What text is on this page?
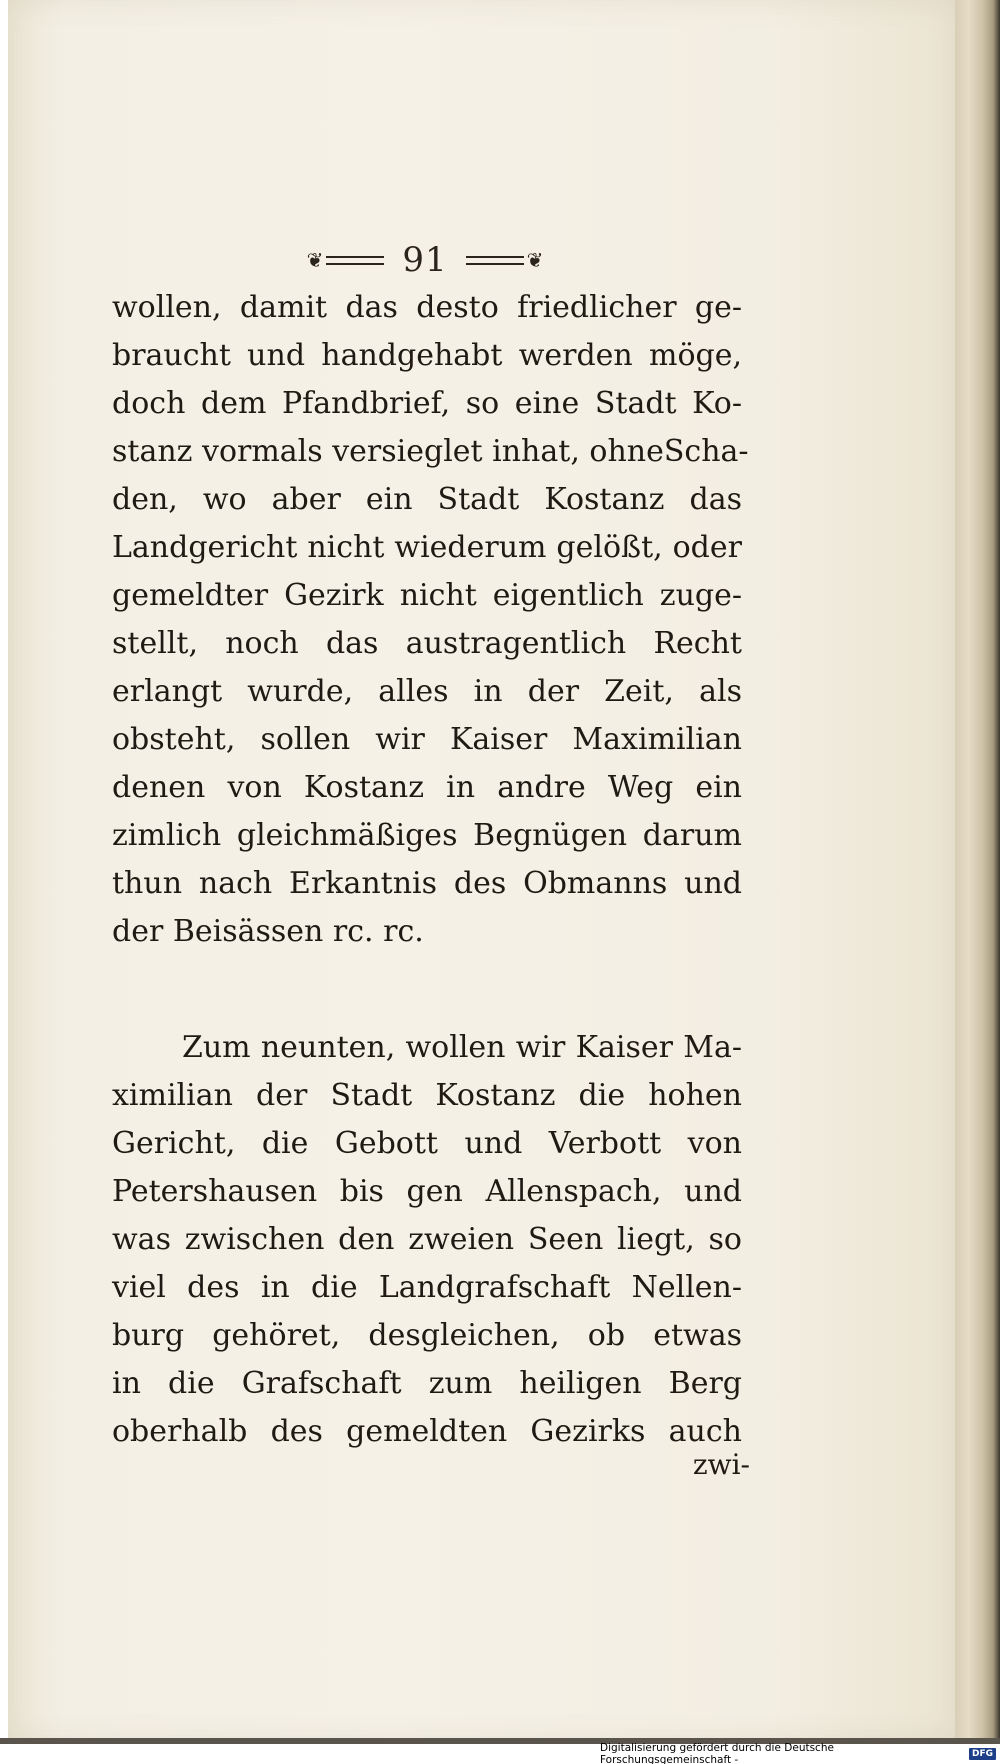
❦	91	❦
wollen, damit das desto friedlicher ge-
braucht und handgehabt werden möge,
doch dem Pfandbrief, so eine Stadt Ko-
stanz vormals versieglet inhat, ohneScha-
den, wo aber ein Stadt Kostanz das
Landgericht nicht wiederum gelößt, oder
gemeldter Gezirk nicht eigentlich zuge-
stellt, noch das austragentlich Recht
erlangt wurde, alles in der Zeit, als
obsteht, sollen wir Kaiser Maximilian
denen von Kostanz in andre Weg ein
zimlich gleichmäßiges Begnügen darum
thun nach Erkantnis des Obmanns und
der Beisässen rc. rc.
Zum neunten, wollen wir Kaiser Ma-
ximilian der Stadt Kostanz die hohen
Gericht, die Gebott und Verbott von
Petershausen bis gen Allenspach, und
was zwischen den zweien Seen liegt, so
viel des in die Landgrafschaft Nellen-
burg gehöret, desgleichen, ob etwas
in die Grafschaft zum heiligen Berg
oberhalb des gemeldten Gezirks auch
zwi-
Digitalisierung gefördert durch die Deutsche Forschungsgemeinschaft -	DFG
